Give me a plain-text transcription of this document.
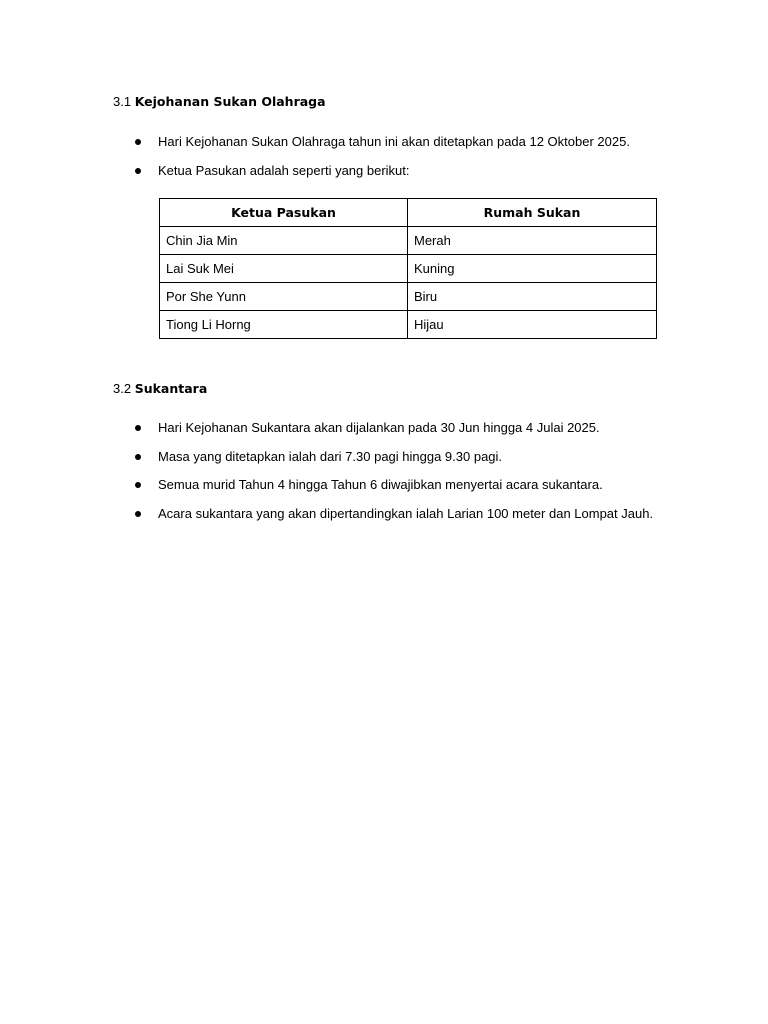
3.1 Kejohanan Sukan Olahraga
Hari Kejohanan Sukan Olahraga tahun ini akan ditetapkan pada 12 Oktober 2025.
Ketua Pasukan adalah seperti yang berikut:
Ketua Pasukan	Rumah Sukan
Chin Jia Min	Merah
Lai Suk Mei	Kuning
Por She Yunn	Biru
Tiong Li Horng	Hijau
3.2 Sukantara
Hari Kejohanan Sukantara akan dijalankan pada 30 Jun hingga 4 Julai 2025.
Masa yang ditetapkan ialah dari 7.30 pagi hingga 9.30 pagi.
Semua murid Tahun 4 hingga Tahun 6 diwajibkan menyertai acara sukantara.
Acara sukantara yang akan dipertandingkan ialah Larian 100 meter dan Lompat Jauh.
